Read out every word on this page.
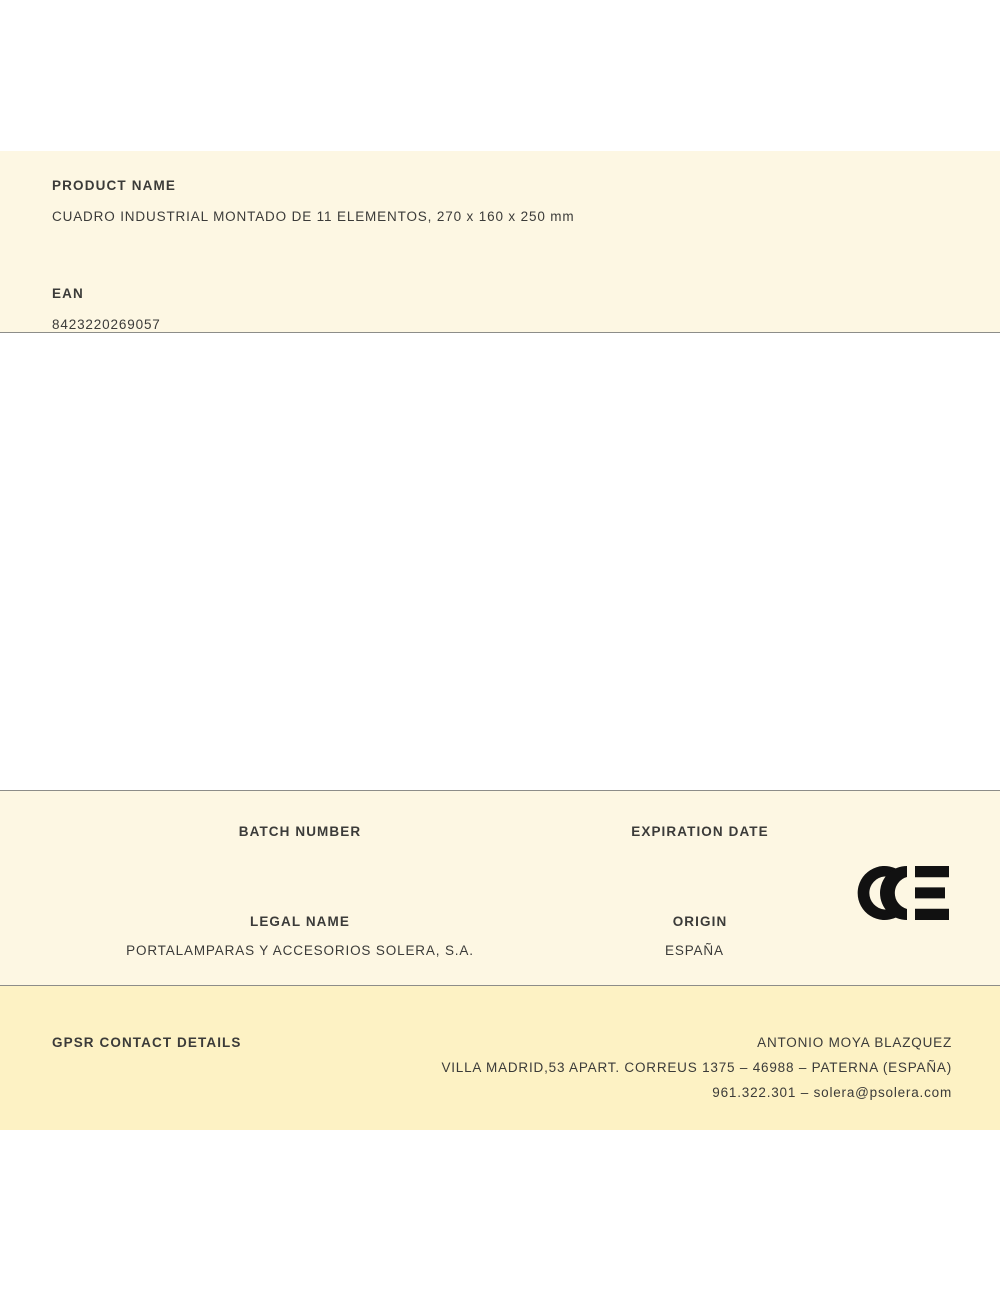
PRODUCT NAME
CUADRO INDUSTRIAL MONTADO DE 11 ELEMENTOS, 270 x 160 x 250 mm
EAN
8423220269057
BATCH NUMBER	EXPIRATION DATE
LEGAL NAME
PORTALAMPARAS Y ACCESORIOS SOLERA, S.A.
ORIGIN
ESPAÑA
GPSR CONTACT DETAILS	ANTONIO MOYA BLAZQUEZ
VILLA MADRID,53 APART. CORREUS 1375 – 46988 – PATERNA (ESPAÑA)
961.322.301 – solera@psolera.com
